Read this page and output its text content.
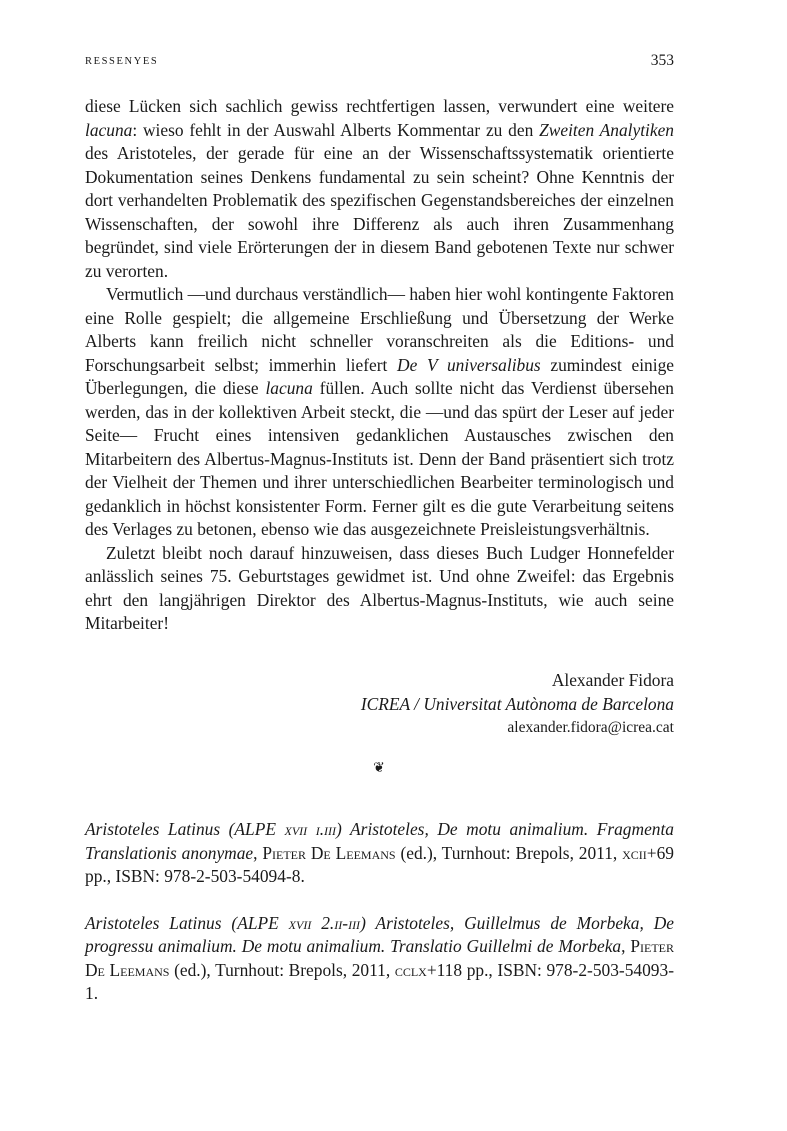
RESSENYES	353

diese Lücken sich sachlich gewiss rechtfertigen lassen, verwundert eine weitere lacuna: wieso fehlt in der Auswahl Alberts Kommentar zu den Zweiten Analytiken des Aristoteles, der gerade für eine an der Wissenschaftssystematik orientierte Dokumentation seines Denkens fundamental zu sein scheint? Ohne Kenntnis der dort verhandelten Problematik des spezifischen Gegenstandsbereiches der einzelnen Wissenschaften, der sowohl ihre Differenz als auch ihren Zusammenhang begründet, sind viele Erörterungen der in diesem Band gebotenen Texte nur schwer zu verorten.

Vermutlich —und durchaus verständlich— haben hier wohl kontingente Faktoren eine Rolle gespielt; die allgemeine Erschließung und Übersetzung der Werke Alberts kann freilich nicht schneller voranschreiten als die Editions- und Forschungsarbeit selbst; immerhin liefert De V universalibus zumindest einige Überlegungen, die diese lacuna füllen. Auch sollte nicht das Verdienst übersehen werden, das in der kollektiven Arbeit steckt, die —und das spürt der Leser auf jeder Seite— Frucht eines intensiven gedanklichen Austausches zwischen den Mitarbeitern des Albertus-Magnus-Instituts ist. Denn der Band präsentiert sich trotz der Vielheit der Themen und ihrer unterschiedlichen Bearbeiter terminologisch und gedanklich in höchst konsistenter Form. Ferner gilt es die gute Verarbeitung seitens des Verlages zu betonen, ebenso wie das ausgezeichnete Preisleistungsverhältnis.

Zuletzt bleibt noch darauf hinzuweisen, dass dieses Buch Ludger Honnefelder anlässlich seines 75. Geburtstages gewidmet ist. Und ohne Zweifel: das Ergebnis ehrt den langjährigen Direktor des Albertus-Magnus-Instituts, wie auch seine Mitarbeiter!

Alexander Fidora
ICREA / Universitat Autònoma de Barcelona
alexander.fidora@icrea.cat
❦

Aristoteles Latinus (ALPE xvii i.iii) Aristoteles, De motu animalium. Fragmenta Translationis anonymae, Pieter De Leemans (ed.), Turnhout: Brepols, 2011, xcii+69 pp., ISBN: 978-2-503-54094-8.

Aristoteles Latinus (ALPE xvii 2.ii-iii) Aristoteles, Guillelmus de Morbeka, De progressu animalium. De motu animalium. Translatio Guillelmi de Morbeka, Pieter De Leemans (ed.), Turnhout: Brepols, 2011, cclx+118 pp., ISBN: 978-2-503-54093-1.
